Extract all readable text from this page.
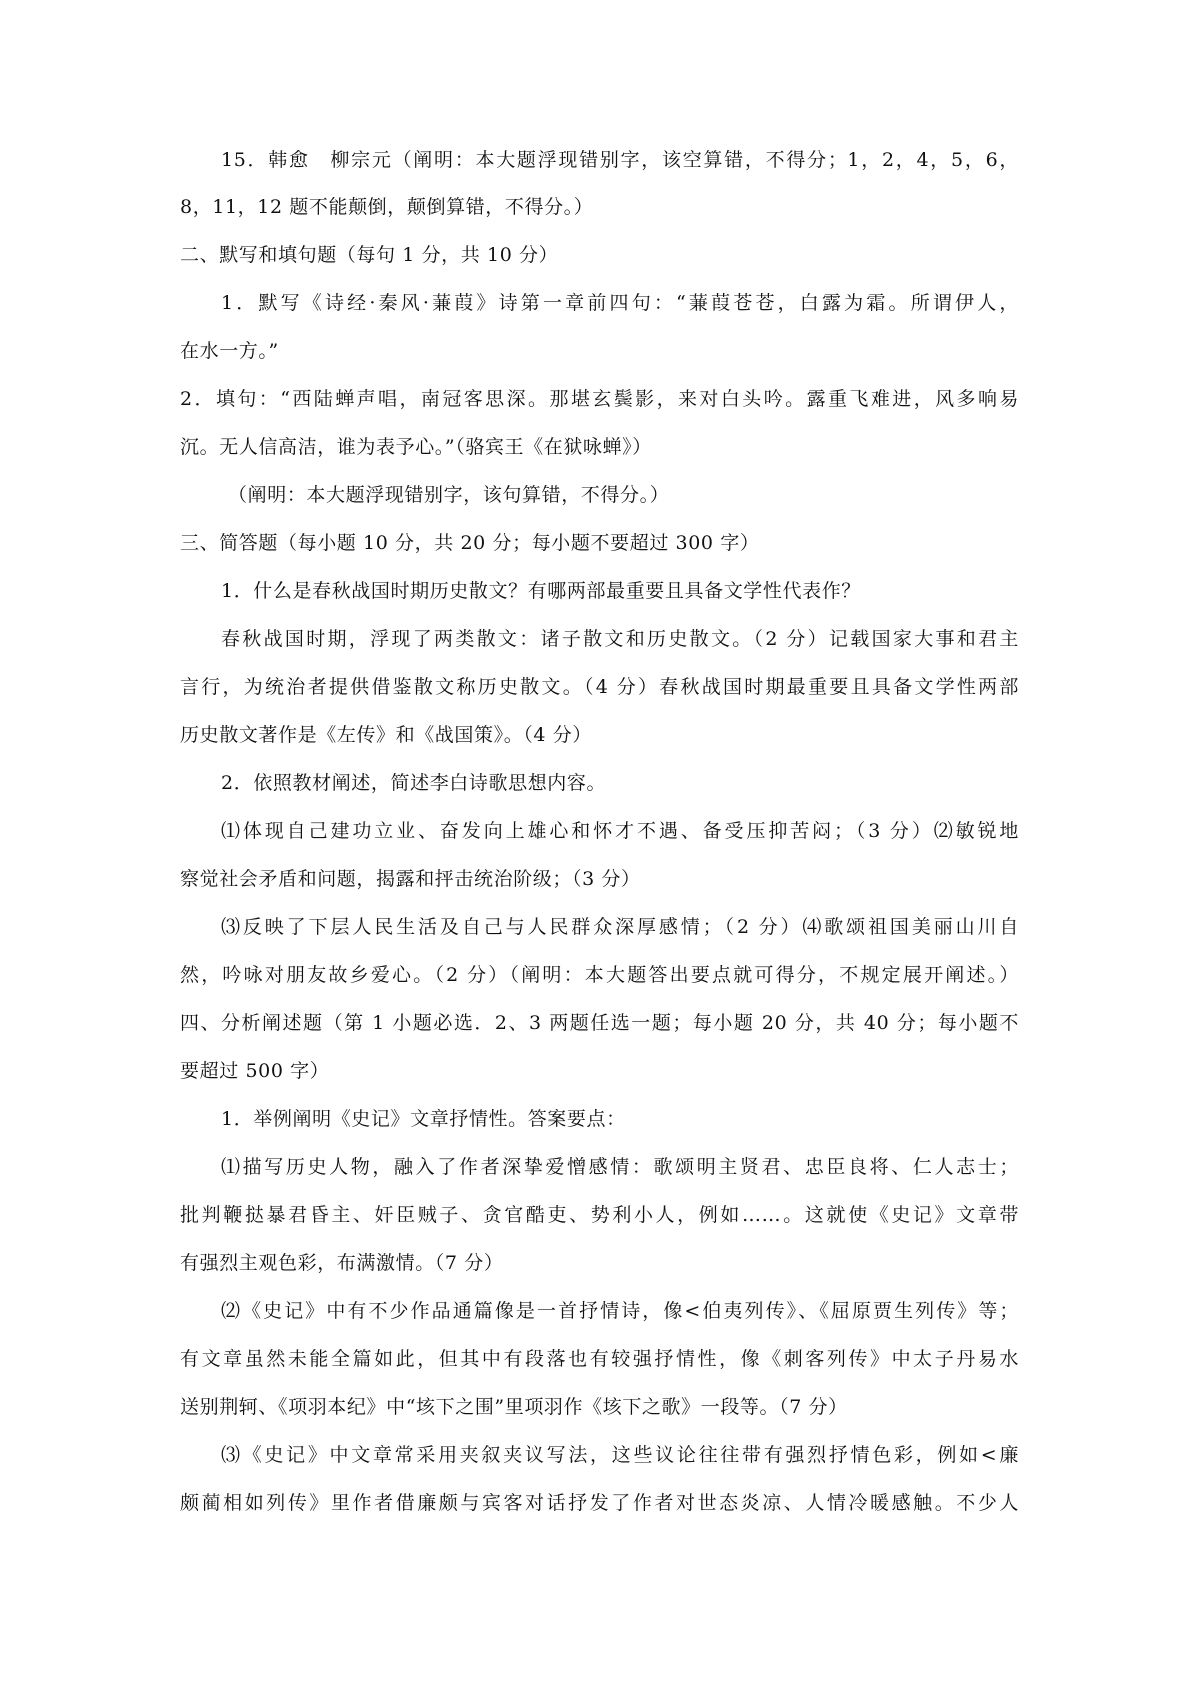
15．韩愈　柳宗元（阐明：本大题浮现错别字，该空算错，不得分；1，2，4，5，6，
8，11，12 题不能颠倒，颠倒算错，不得分。）
二、默写和填句题（每句 1 分，共 10 分）
1．默写《诗经·秦风·蒹葭》诗第一章前四句：“蒹葭苍苍，白露为霜。所谓伊人，
在水一方。”
2．填句：“西陆蝉声唱，南冠客思深。那堪玄鬓影，来对白头吟。露重飞难进，风多响易
沉。无人信高洁，谁为表予心。”（骆宾王《在狱咏蝉》）
（阐明：本大题浮现错别字，该句算错，不得分。）
三、简答题（每小题 10 分，共 20 分；每小题不要超过 300 字）
1．什么是春秋战国时期历史散文？有哪两部最重要且具备文学性代表作？
春秋战国时期，浮现了两类散文：诸子散文和历史散文。（2 分）记载国家大事和君主
言行，为统治者提供借鉴散文称历史散文。（4 分）春秋战国时期最重要且具备文学性两部
历史散文著作是《左传》和《战国策》。（4 分）
2．依照教材阐述，简述李白诗歌思想内容。
⑴体现自己建功立业、奋发向上雄心和怀才不遇、备受压抑苦闷；（3 分）⑵敏锐地
察觉社会矛盾和问题，揭露和抨击统治阶级；（3 分）
⑶反映了下层人民生活及自己与人民群众深厚感情；（2 分）⑷歌颂祖国美丽山川自
然，吟咏对朋友故乡爱心。（2 分）（阐明：本大题答出要点就可得分，不规定展开阐述。）
四、分析阐述题（第 1 小题必选．2、3 两题任选一题；每小题 20 分，共 40 分；每小题不
要超过 500 字）
1．举例阐明《史记》文章抒情性。答案要点：
⑴描写历史人物，融入了作者深挚爱憎感情：歌颂明主贤君、忠臣良将、仁人志士；
批判鞭挞暴君昏主、奸臣贼子、贪官酷吏、势利小人，例如……。这就使《史记》文章带
有强烈主观色彩，布满激情。（7 分）
⑵《史记》中有不少作品通篇像是一首抒情诗，像<伯夷列传》、《屈原贾生列传》等；
有文章虽然未能全篇如此，但其中有段落也有较强抒情性，像《刺客列传》中太子丹易水
送别荆轲、《项羽本纪》中“垓下之围”里项羽作《垓下之歌》一段等。（7 分）
⑶《史记》中文章常采用夹叙夹议写法，这些议论往往带有强烈抒情色彩，例如<廉
颇蔺相如列传》里作者借廉颇与宾客对话抒发了作者对世态炎凉、人情冷暖感触。不少人
